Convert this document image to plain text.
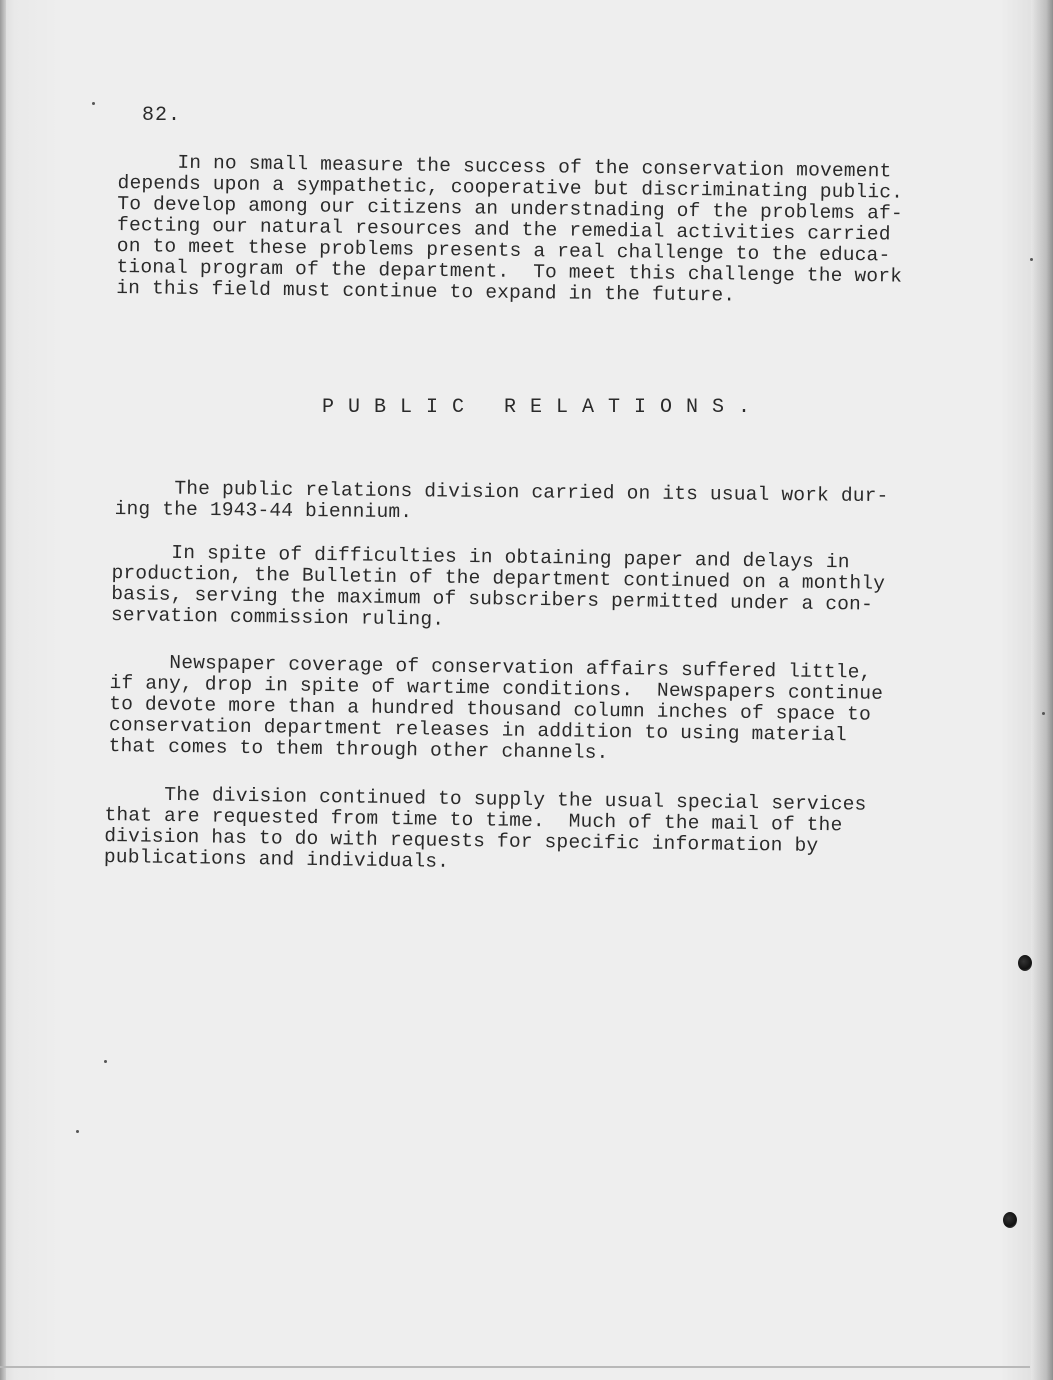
82.

In no small measure the success of the conservation movement
depends upon a sympathetic, cooperative but discriminating public.
To develop among our citizens an understnading of the problems af-
fecting our natural resources and the remedial activities carried
on to meet these problems presents a real challenge to the educa-
tional program of the department.  To meet this challenge the work
in this field must continue to expand in the future.

PUBLIC RELATIONS.

The public relations division carried on its usual work dur-
ing the 1943-44 biennium.

In spite of difficulties in obtaining paper and delays in
production, the Bulletin of the department continued on a monthly
basis, serving the maximum of subscribers permitted under a con-
servation commission ruling.

Newspaper coverage of conservation affairs suffered little,
if any, drop in spite of wartime conditions.  Newspapers continue
to devote more than a hundred thousand column inches of space to
conservation department releases in addition to using material
that comes to them through other channels.

The division continued to supply the usual special services
that are requested from time to time.  Much of the mail of the
division has to do with requests for specific information by
publications and individuals.
